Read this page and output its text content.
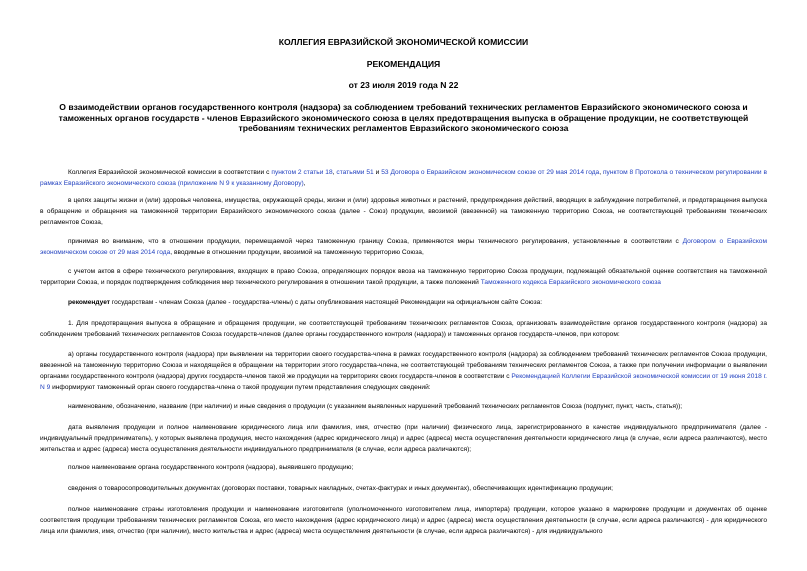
КОЛЛЕГИЯ ЕВРАЗИЙСКОЙ ЭКОНОМИЧЕСКОЙ КОМИССИИ
РЕКОМЕНДАЦИЯ
от 23 июля 2019 года N 22
О взаимодействии органов государственного контроля (надзора) за соблюдением требований технических регламентов Евразийского экономического союза и
таможенных органов государств - членов Евразийского экономического союза в целях предотвращения выпуска в обращение продукции, не соответствующей
требованиям технических регламентов Евразийского экономического союза
Коллегия Евразийской экономической комиссии в соответствии с пунктом 2 статьи 18, статьями 51 и 53 Договора о Евразийском экономическом союзе от 29 мая 2014 года, пунктом 8 Протокола о техническом регулировании в рамках Евразийского экономического союза (приложение N 9 к указанному Договору),
в целях защиты жизни и (или) здоровья человека, имущества, окружающей среды, жизни и (или) здоровья животных и растений, предупреждения действий, вводящих в заблуждение потребителей, и предотвращения выпуска в обращение и обращения на таможенной территории Евразийского экономического союза (далее - Союз) продукции, ввозимой (ввезенной) на таможенную территорию Союза, не соответствующей требованиям технических регламентов Союза,
принимая во внимание, что в отношении продукции, перемещаемой через таможенную границу Союза, применяются меры технического регулирования, установленные в соответствии с Договором о Евразийском экономическом союзе от 29 мая 2014 года, вводимые в отношении продукции, ввозимой на таможенную территорию Союза,
с учетом актов в сфере технического регулирования, входящих в право Союза, определяющих порядок ввоза на таможенную территорию Союза продукции, подлежащей обязательной оценке соответствия на таможенной территории Союза, и порядок подтверждения соблюдения мер технического регулирования в отношении такой продукции, а также положений Таможенного кодекса Евразийского экономического союза
рекомендует государствам - членам Союза (далее - государства-члены) с даты опубликования настоящей Рекомендации на официальном сайте Союза:
1. Для предотвращения выпуска в обращение и обращения продукции, не соответствующей требованиям технических регламентов Союза, организовать взаимодействие органов государственного контроля (надзора) за соблюдением требований технических регламентов Союза государств-членов (далее органы государственного контроля (надзора)) и таможенных органов государств-членов, при котором:
а) органы государственного контроля (надзора) при выявлении на территории своего государства-члена в рамках государственного контроля (надзора) за соблюдением требований технических регламентов Союза продукции, ввезенной на таможенную территорию Союза и находящейся в обращении на территории этого государства-члена, не соответствующей требованиям технических регламентов Союза, а также при получении информации о выявлении органами государственного контроля (надзора) других государств-членов такой же продукции на территориях своих государств-членов в соответствии с Рекомендацией Коллегии Евразийской экономической комиссии от 19 июня 2018 г. N 9 информируют таможенный орган своего государства-члена о такой продукции путем представления следующих сведений:
наименование, обозначение, название (при наличии) и иные сведения о продукции (с указанием выявленных нарушений требований технических регламентов Союза (подпункт, пункт, часть, статья));
дата выявления продукции и полное наименование юридического лица или фамилия, имя, отчество (при наличии) физического лица, зарегистрированного в качестве индивидуального предпринимателя (далее - индивидуальный предприниматель), у которых выявлена продукция, место нахождения (адрес юридического лица) и адрес (адреса) места осуществления деятельности юридического лица (в случае, если адреса различаются), место жительства и адрес (адреса) места осуществления деятельности индивидуального предпринимателя (в случае, если адреса различаются);
полное наименование органа государственного контроля (надзора), выявившего продукцию;
сведения о товаросопроводительных документах (договорах поставки, товарных накладных, счетах-фактурах и иных документах), обеспечивающих идентификацию продукции;
полное наименование страны изготовления продукции и наименование изготовителя (уполномоченного изготовителем лица, импортера) продукции, которое указано в маркировке продукции и документах об оценке соответствия продукции требованиям технических регламентов Союза, его место нахождения (адрес юридического лица) и адрес (адреса) места осуществления деятельности (в случае, если адреса различаются) - для юридического лица или фамилия, имя, отчество (при наличии), место жительства и адрес (адреса) места осуществления деятельности (в случае, если адреса различаются) - для индивидуального
